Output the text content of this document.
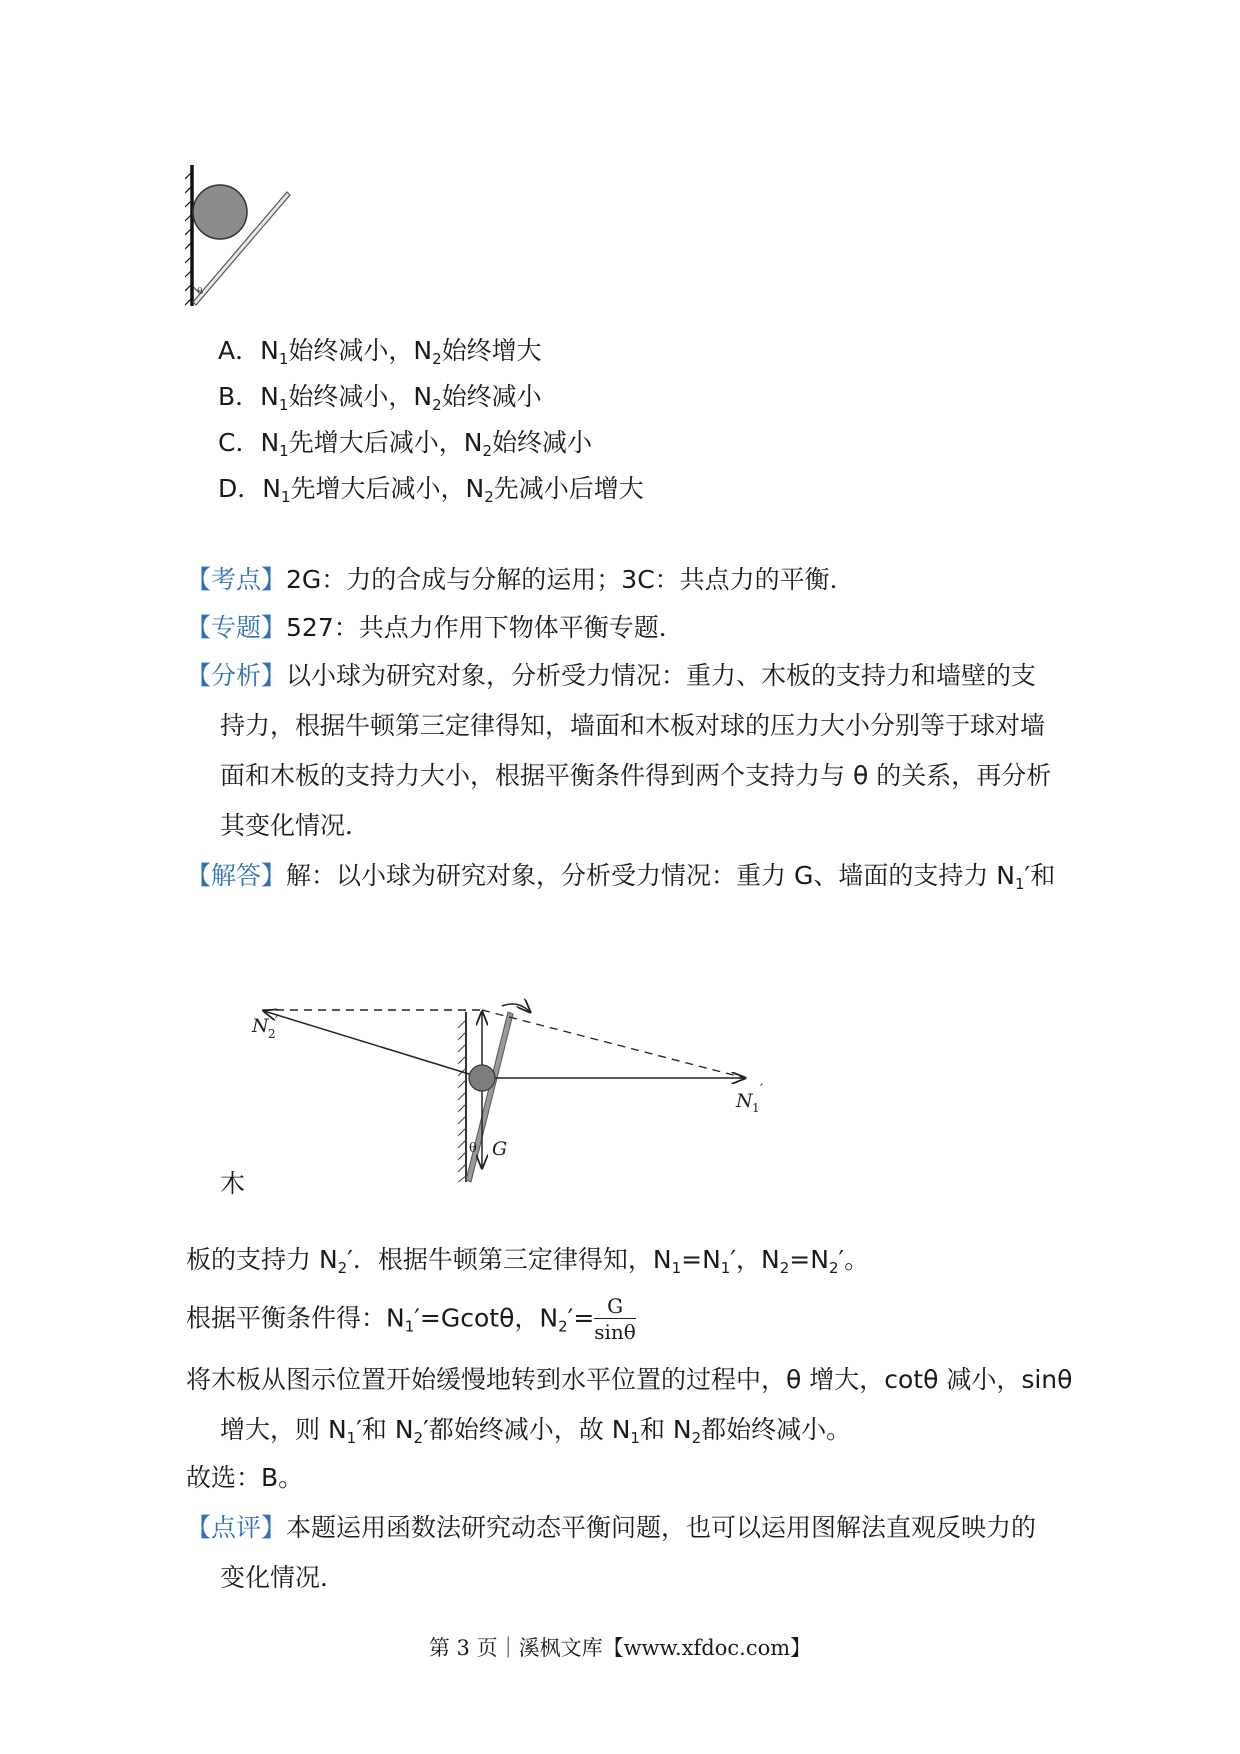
θ
A．$N_1$始终减小，$N_2$始终增大
B．$N_1$始终减小，$N_2$始终减小
C．$N_1$先增大后减小，$N_2$始终减小
D．$N_1$先增大后减小，$N_2$先减小后增大
【考点】2G：力的合成与分解的运用；3C：共点力的平衡．
【专题】527：共点力作用下物体平衡专题．
【分析】以小球为研究对象，分析受力情况：重力、木板的支持力和墙壁的支
持力，根据牛顿第三定律得知，墙面和木板对球的压力大小分别等于球对墙
面和木板的支持力大小，根据平衡条件得到两个支持力与 θ 的关系，再分析
其变化情况．
【解答】解：以小球为研究对象，分析受力情况：重力 G、墙面的支持力 $N_1'$和
N 2
′
N 1
′
G
θ
木
板的支持力 $N_2'$．根据牛顿第三定律得知，$N_1=N_1'$，$N_2=N_2'$。
根据平衡条件得：$N_1'=Gcot\theta$，$N_2'= \frac{G}{\sin\theta}$
将木板从图示位置开始缓慢地转到水平位置的过程中，θ 增大，cotθ 减小，sinθ
增大，则 $N_1'$和 $N_2'$都始终减小，故 $N_1$和 $N_2$都始终减小。
故选：B。
【点评】本题运用函数法研究动态平衡问题，也可以运用图解法直观反映力的
变化情况．
第 3 页｜溪枫文库【www.xfdoc.com】
